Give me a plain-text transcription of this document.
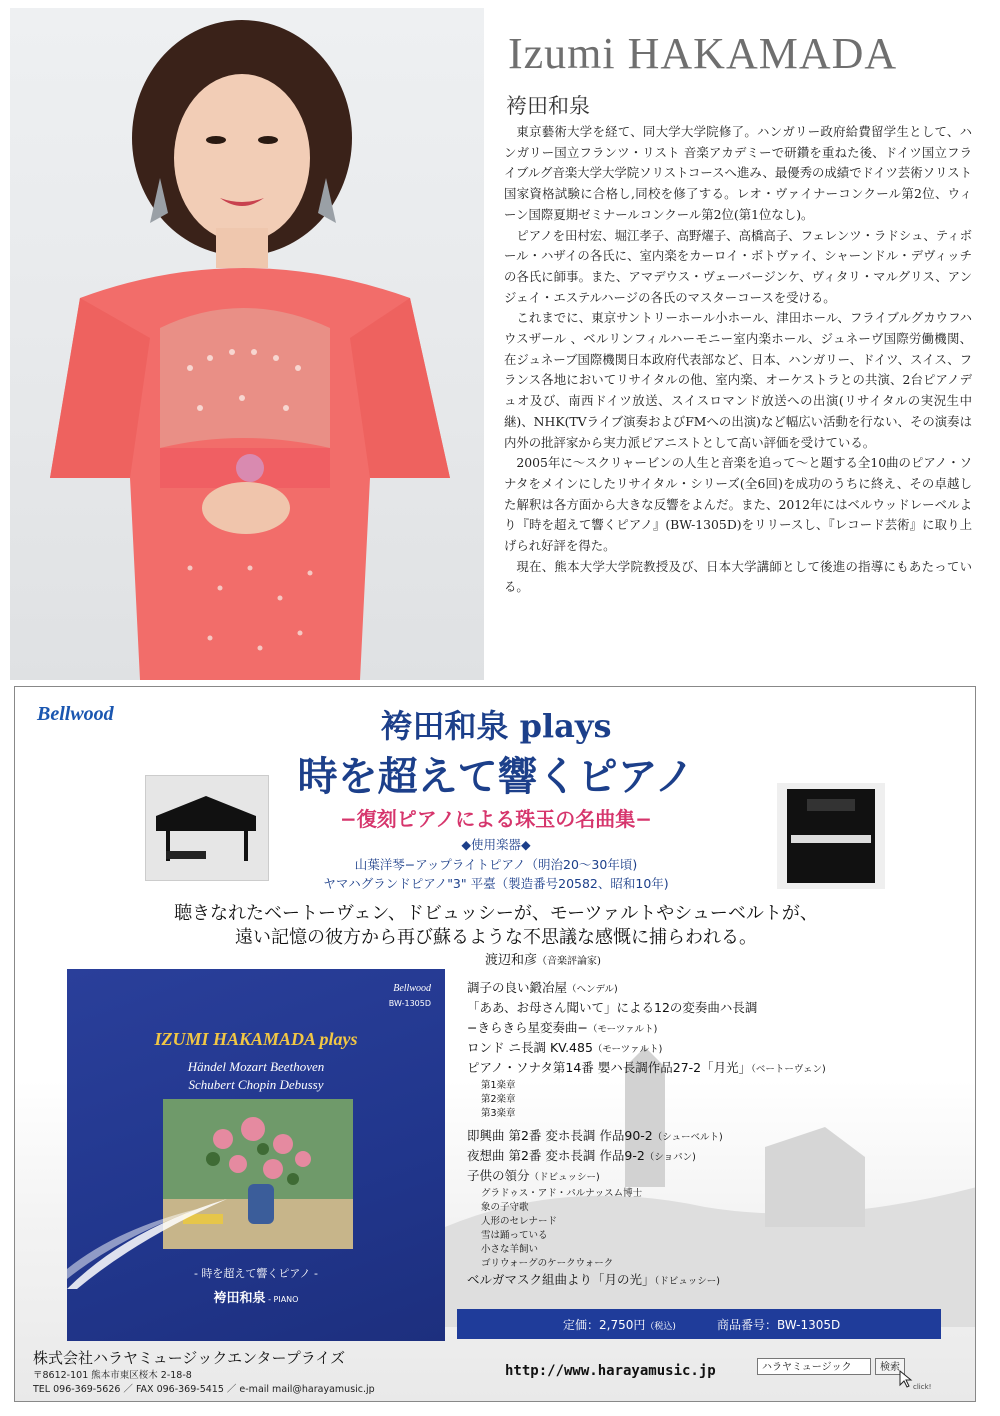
Izumi HAKAMADA
袴田和泉

東京藝術大学を経て、同大学大学院修了。ハンガリー政府給費留学生として、ハンガリー国立フランツ・リスト 音楽アカデミーで研鑽を重ねた後、ドイツ国立フライブルグ音楽大学大学院ソリストコースへ進み、最優秀の成績でドイツ芸術ソリスト国家資格試験に合格し,同校を修了する。レオ・ヴァイナーコンクール第2位、ウィーン国際夏期ゼミナールコンクール第2位(第1位なし)。

ピアノを田村宏、堀江孝子、高野燿子、高橋高子、フェレンツ・ラドシュ、ティボール・ハザイの各氏に、室内楽をカーロイ・ボトヴァイ、シャーンドル・デヴィッチの各氏に師事。また、アマデウス・ヴェーバージンケ、ヴィタリ・マルグリス、アンジェイ・エステルハージの各氏のマスターコースを受ける。

これまでに、東京サントリーホール小ホール、津田ホール、フライブルグカウフハウスザール 、ベルリンフィルハーモニー室内楽ホール、ジュネーヴ国際労働機関、在ジュネーブ国際機関日本政府代表部など、日本、ハンガリー、ドイツ、スイス、フランス各地においてリサイタルの他、室内楽、オーケストラとの共演、2台ピアノデュオ及び、南西ドイツ放送、スイスロマンド放送への出演(リサイタルの実況生中継)、NHK(TVライブ演奏およびFMへの出演)など幅広い活動を行ない、その演奏は内外の批評家から実力派ピアニストとして高い評価を受けている。

2005年に〜スクリャービンの人生と音楽を追って〜と題する全10曲のピアノ・ソナタをメインにしたリサイタル・シリーズ(全6回)を成功のうちに終え、その卓越した解釈は各方面から大きな反響をよんだ。また、2012年にはベルウッドレーベルより『時を超えて響くピアノ』(BW-1305D)をリリースし、『レコード芸術』に取り上げられ好評を得た。

現在、熊本大学大学院教授及び、日本大学講師として後進の指導にもあたっている。

Bellwood	袴田和泉 plays
時を超えて響くピアノ
−復刻ピアノによる珠玉の名曲集−
◆使用楽器◆
山葉洋琴−アップライトピアノ（明治20〜30年頃)
ヤマハグランドピアノ"3" 平臺（製造番号20582、昭和10年)
聴きなれたベートーヴェン、ドビュッシーが、モーツァルトやシューベルトが、
遠い記憶の彼方から再び蘇るような不思議な感慨に捕らわれる。
渡辺和彦（音楽評論家)
Bellwood
BW-1305D
IZUMI HAKAMADA plays
Händel Mozart Beethoven
Schubert Chopin Debussy
- 時を超えて響くピアノ -
袴田和泉 - PIANO
調子の良い鍛冶屋（ヘンデル)
「ああ、お母さん聞いて」による12の変奏曲ハ長調
−きらきら星変奏曲−（モーツァルト)
ロンド ニ長調 KV.485（モーツァルト)
ピアノ・ソナタ第14番 嬰ハ長調作品27-2「月光」（ベートーヴェン)
第1楽章
第2楽章
第3楽章
即興曲 第2番 変ホ長調 作品90-2（シューベルト)
夜想曲 第2番 変ホ長調 作品9-2（ショパン)
子供の領分（ドビュッシー)
グラドゥス・アド・パルナッスム博士
象の子守歌
人形のセレナード
雪は踊っている
小さな羊飼い
ゴリウォーグのケークウォーク
ベルガマスク組曲より「月の光」（ドビュッシー)
定価：2,750円（税込)	商品番号：BW-1305D
株式会社ハラヤミュージックエンタープライズ
〒8612-101 熊本市東区桜木 2-18-8
TEL 096-369-5626 ／ FAX 096-369-5415 ／ e-mail mail@harayamusic.jp
http://www.harayamusic.jp	ハラヤミュージック	検索
click!
